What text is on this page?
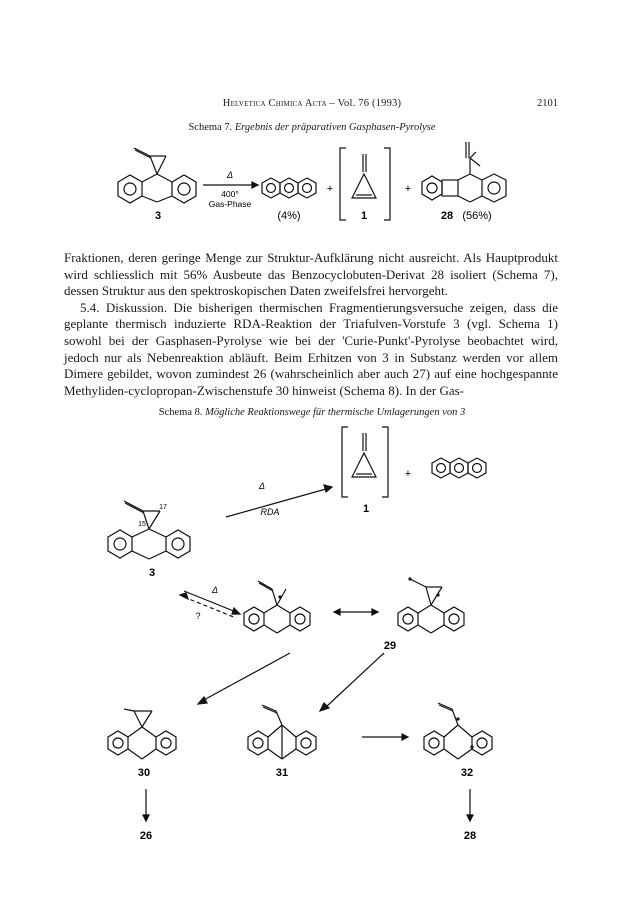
Helvetica Chimica Acta – Vol. 76 (1993)	2101
Schema 7. Ergebnis der präparativen Gasphasen-Pyrolyse
Δ
400°
Gas-Phase
+	+
3	(4%)	1	28 (56%)

Fraktionen, deren geringe Menge zur Struktur-Aufklärung nicht ausreicht. Als Hauptprodukt wird schliesslich mit 56% Ausbeute das Benzocyclobuten-Derivat 28 isoliert (Schema 7), dessen Struktur aus den spektroskopischen Daten zweifelsfrei hervorgeht.

5.4. Diskussion. Die bisherigen thermischen Fragmentierungsversuche zeigen, dass die geplante thermisch induzierte RDA-Reaktion der Triafulven-Vorstufe 3 (vgl. Schema 1) sowohl bei der Gasphasen-Pyrolyse wie bei der 'Curie-Punkt'-Pyrolyse beobachtet wird, jedoch nur als Nebenreaktion abläuft. Beim Erhitzen von 3 in Substanz werden vor allem Dimere gebildet, wovon zumindest 26 (wahrscheinlich aber auch 27) auf eine hochgespannte Methyliden-cyclopropan-Zwischenstufe 30 hinweist (Schema 8). In der Gas-

Schema 8. Mögliche Reaktionswege für thermische Umlagerungen von 3
Δ
RDA
Δ
?
+
17
15
3
1
29
30	31	32
26	28
